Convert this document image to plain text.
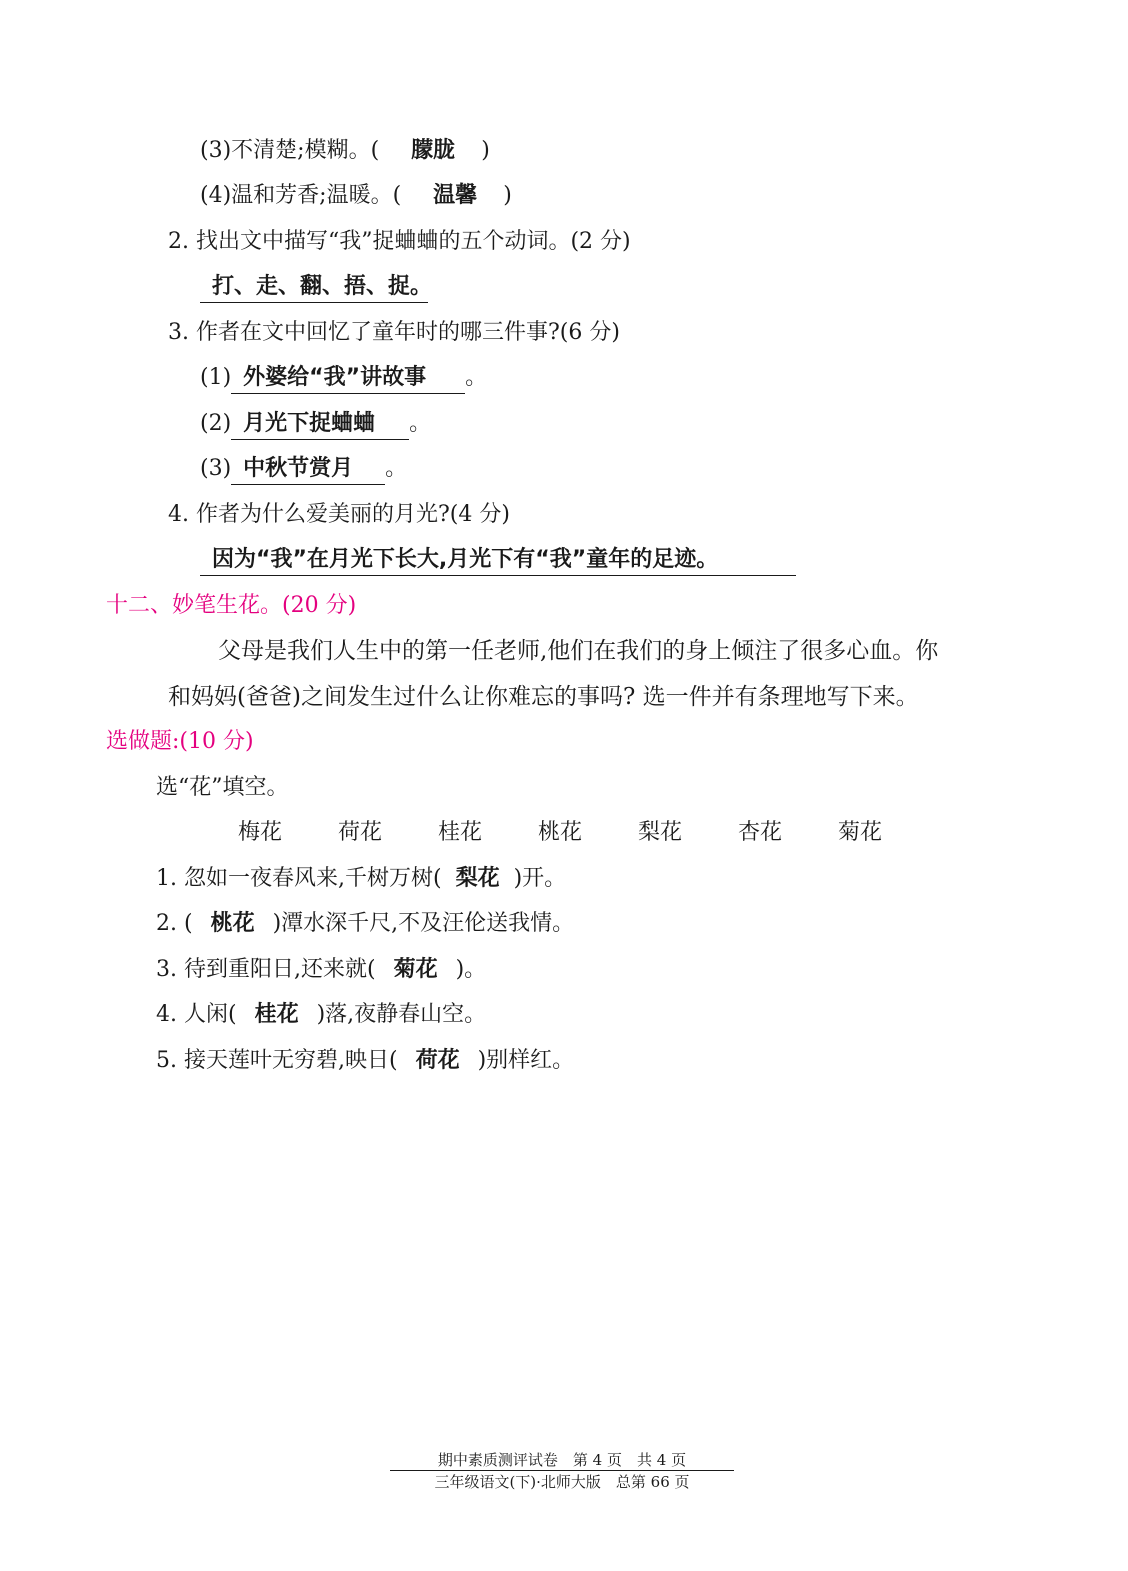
(3)不清楚;模糊。( 朦胧 )
(4)温和芳香;温暖。( 温馨 )
2. 找出文中描写“我”捉蛐蛐的五个动词。(2 分)
打、走、翻、捂、捉。
3. 作者在文中回忆了童年时的哪三件事?(6 分)
(1) 外婆给“我”讲故事 。
(2) 月光下捉蛐蛐 。
(3) 中秋节赏月 。
4. 作者为什么爱美丽的月光?(4 分)
因为“我”在月光下长大,月光下有“我”童年的足迹。
十二、妙笔生花。(20 分)
父母是我们人生中的第一任老师,他们在我们的身上倾注了很多心血。你
和妈妈(爸爸)之间发生过什么让你难忘的事吗? 选一件并有条理地写下来。
选做题:(10 分)
选“花”填空。
梅花	荷花	桂花	桃花	梨花	杏花	菊花
1. 忽如一夜春风来,千树万树( 梨花 )开。
2. ( 桃花 )潭水深千尺,不及汪伦送我情。
3. 待到重阳日,还来就( 菊花 )。
4. 人闲( 桂花 )落,夜静春山空。
5. 接天莲叶无穷碧,映日( 荷花 )别样红。
期中素质测评试卷　第 4 页　共 4 页
三年级语文(下)·北师大版　总第 66 页
